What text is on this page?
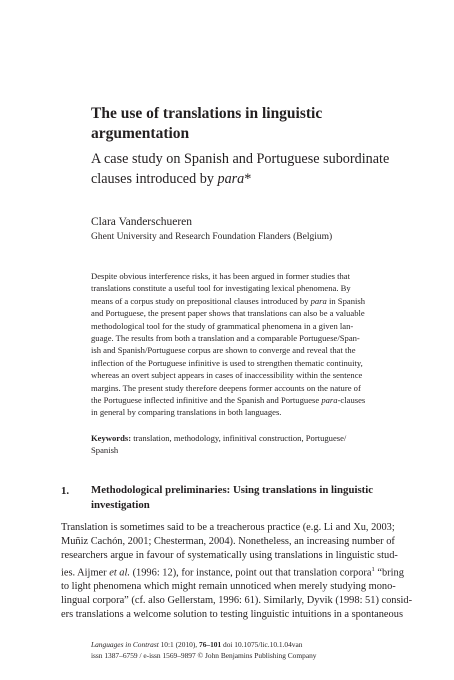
The use of translations in linguistic
argumentation
A case study on Spanish and Portuguese subordinate
clauses introduced by para*
Clara Vanderschueren
Ghent University and Research Foundation Flanders (Belgium)
Despite obvious interference risks, it has been argued in former studies that
translations constitute a useful tool for investigating lexical phenomena. By
means of a corpus study on prepositional clauses introduced by para in Spanish
and Portuguese, the present paper shows that translations can also be a valuable
methodological tool for the study of grammatical phenomena in a given lan-
guage. The results from both a translation and a comparable Portuguese/Span-
ish and Spanish/Portuguese corpus are shown to converge and reveal that the
inflection of the Portuguese infinitive is used to strengthen thematic continuity,
whereas an overt subject appears in cases of inaccessibility within the sentence
margins. The present study therefore deepens former accounts on the nature of
the Portuguese inflected infinitive and the Spanish and Portuguese para-clauses
in general by comparing translations in both languages.
Keywords: translation, methodology, infinitival construction, Portuguese/
Spanish
1. Methodological preliminaries: Using translations in linguistic
investigation
Translation is sometimes said to be a treacherous practice (e.g. Li and Xu, 2003;
Muñiz Cachón, 2001; Chesterman, 2004). Nonetheless, an increasing number of
researchers argue in favour of systematically using translations in linguistic stud-
ies. Aijmer et al. (1996: 12), for instance, point out that translation corpora$^1$ “bring
to light phenomena which might remain unnoticed when merely studying mono-
lingual corpora” (cf. also Gellerstam, 1996: 61). Similarly, Dyvik (1998: 51) consid-
ers translations a welcome solution to testing linguistic intuitions in a spontaneous
Languages in Contrast 10:1 (2010), 76–101 doi 10.1075/lic.10.1.04van
issn 1387–6759 / e-issn 1569–9897 © John Benjamins Publishing Company
